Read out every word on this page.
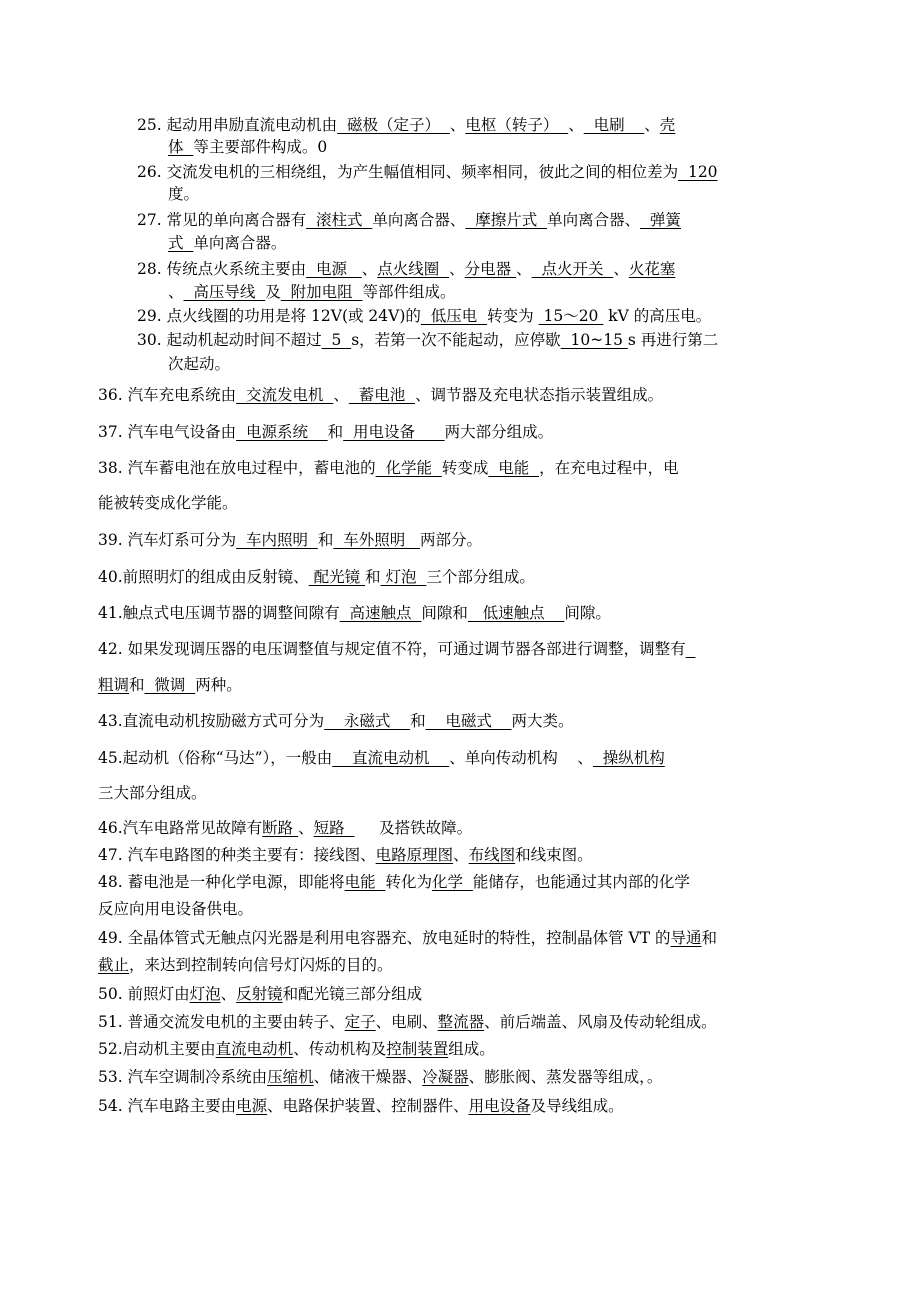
25. 起动用串励直流电动机由  磁极（定子）  、电枢（转子）  、  电刷    、壳
体  等主要部件构成。0
26. 交流发电机的三相绕组，为产生幅值相同、频率相同，彼此之间的相位差为  120
度。
27. 常见的单向离合器有  滚柱式  单向离合器、  摩擦片式  单向离合器、  弹簧
式  单向离合器。
28. 传统点火系统主要由  电源   、点火线圈  、分电器 、  点火开关  、火花塞
、  高压导线  及  附加电阻  等部件组成。
29. 点火线圈的功用是将 12V(或 24V)的  低压电  转变为  15～20  kV 的高压电。
30. 起动机起动时间不超过  5  s，若第一次不能起动，应停歇  10~15 s 再进行第二
次起动。
36. 汽车充电系统由  交流发电机  、  蓄电池  、调节器及充电状态指示装置组成。
37. 汽车电气设备由  电源系统    和  用电设备      两大部分组成。
38. 汽车蓄电池在放电过程中，蓄电池的  化学能  转变成  电能  ，在充电过程中，电
能被转变成化学能。
39. 汽车灯系可分为  车内照明  和  车外照明   两部分。
40.前照明灯的组成由反射镜、 配光镜 和 灯泡  三个部分组成。
41.触点式电压调节器的调整间隙有  高速触点  间隙和   低速触点    间隙。
42. 如果发现调压器的电压调整值与规定值不符，可通过调节器各部进行调整，调整有
粗调和  微调  两种。
43.直流电动机按励磁方式可分为    永磁式    和    电磁式    两大类。
45.起动机（俗称“马达”），一般由    直流电动机    、单向传动机构    、  操纵机构
三大部分组成。
46.汽车电路常见故障有断路 、短路       及搭铁故障。
47. 汽车电路图的种类主要有：接线图、电路原理图、布线图和线束图。
48. 蓄电池是一种化学电源，即能将电能  转化为化学  能储存，也能通过其内部的化学
反应向用电设备供电。
49. 全晶体管式无触点闪光器是利用电容器充、放电延时的特性，控制晶体管 VT 的导通和
截止，来达到控制转向信号灯闪烁的目的。
50. 前照灯由灯泡、反射镜和配光镜三部分组成
51. 普通交流发电机的主要由转子、定子、电刷、整流器、前后端盖、风扇及传动轮组成。
52.启动机主要由直流电动机、传动机构及控制装置组成。
53. 汽车空调制冷系统由压缩机、储液干燥器、冷凝器、膨胀阀、蒸发器等组成，。
54. 汽车电路主要由电源、电路保护装置、控制器件、用电设备及导线组成。
